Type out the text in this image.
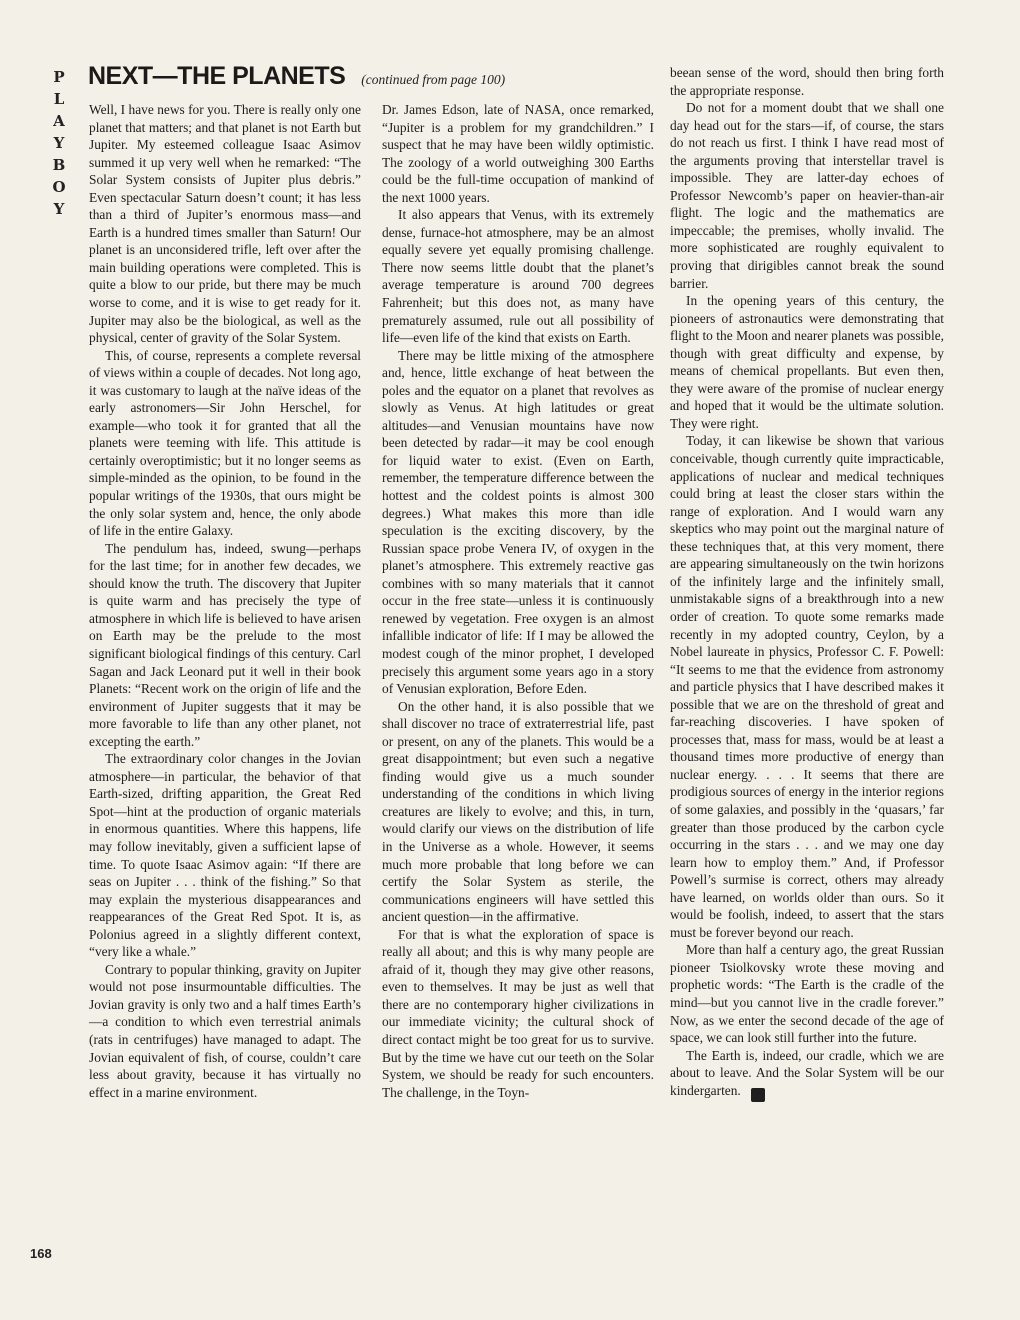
P
L
A
Y
B
O
Y
NEXT—THE PLANETS (continued from page 100)

Well, I have news for you. There is really only one planet that matters; and that planet is not Earth but Jupiter. My esteemed colleague Isaac Asimov summed it up very well when he remarked: “The Solar System consists of Jupiter plus debris.” Even spectacular Saturn doesn’t count; it has less than a third of Jupiter’s enormous mass—and Earth is a hundred times smaller than Saturn! Our planet is an unconsidered trifle, left over after the main building operations were completed. This is quite a blow to our pride, but there may be much worse to come, and it is wise to get ready for it. Jupiter may also be the biological, as well as the physical, center of gravity of the Solar System.

This, of course, represents a complete reversal of views within a couple of decades. Not long ago, it was customary to laugh at the naïve ideas of the early astronomers—Sir John Herschel, for example—who took it for granted that all the planets were teeming with life. This attitude is certainly overoptimistic; but it no longer seems as simple-minded as the opinion, to be found in the popular writings of the 1930s, that ours might be the only solar system and, hence, the only abode of life in the entire Galaxy.

The pendulum has, indeed, swung—perhaps for the last time; for in another few decades, we should know the truth. The discovery that Jupiter is quite warm and has precisely the type of atmosphere in which life is believed to have arisen on Earth may be the prelude to the most significant biological findings of this century. Carl Sagan and Jack Leonard put it well in their book Planets: “Recent work on the origin of life and the environment of Jupiter suggests that it may be more favorable to life than any other planet, not excepting the earth.”

The extraordinary color changes in the Jovian atmosphere—in particular, the behavior of that Earth-sized, drifting apparition, the Great Red Spot—hint at the production of organic materials in enormous quantities. Where this happens, life may follow inevitably, given a sufficient lapse of time. To quote Isaac Asimov again: “If there are seas on Jupiter . . . think of the fishing.” So that may explain the mysterious disappearances and reappearances of the Great Red Spot. It is, as Polonius agreed in a slightly different context, “very like a whale.”

Contrary to popular thinking, gravity on Jupiter would not pose insurmountable difficulties. The Jovian gravity is only two and a half times Earth’s—a condition to which even terrestrial animals (rats in centrifuges) have managed to adapt. The Jovian equivalent of fish, of course, couldn’t care less about gravity, because it has virtually no effect in a marine environment.

Dr. James Edson, late of NASA, once remarked, “Jupiter is a problem for my grandchildren.” I suspect that he may have been wildly optimistic. The zoology of a world outweighing 300 Earths could be the full-time occupation of mankind of the next 1000 years.

It also appears that Venus, with its extremely dense, furnace-hot atmosphere, may be an almost equally severe yet equally promising challenge. There now seems little doubt that the planet’s average temperature is around 700 degrees Fahrenheit; but this does not, as many have prematurely assumed, rule out all possibility of life—even life of the kind that exists on Earth.

There may be little mixing of the atmosphere and, hence, little exchange of heat between the poles and the equator on a planet that revolves as slowly as Venus. At high latitudes or great altitudes—and Venusian mountains have now been detected by radar—it may be cool enough for liquid water to exist. (Even on Earth, remember, the temperature difference between the hottest and the coldest points is almost 300 degrees.) What makes this more than idle speculation is the exciting discovery, by the Russian space probe Venera IV, of oxygen in the planet’s atmosphere. This extremely reactive gas combines with so many materials that it cannot occur in the free state—unless it is continuously renewed by vegetation. Free oxygen is an almost infallible indicator of life: If I may be allowed the modest cough of the minor prophet, I developed precisely this argument some years ago in a story of Venusian exploration, Before Eden.

On the other hand, it is also possible that we shall discover no trace of extraterrestrial life, past or present, on any of the planets. This would be a great disappointment; but even such a negative finding would give us a much sounder understanding of the conditions in which living creatures are likely to evolve; and this, in turn, would clarify our views on the distribution of life in the Universe as a whole. However, it seems much more probable that long before we can certify the Solar System as sterile, the communications engineers will have settled this ancient question—in the affirmative.

For that is what the exploration of space is really all about; and this is why many people are afraid of it, though they may give other reasons, even to themselves. It may be just as well that there are no contemporary higher civilizations in our immediate vicinity; the cultural shock of direct contact might be too great for us to survive. But by the time we have cut our teeth on the Solar System, we should be ready for such encounters. The challenge, in the Toyn-

beean sense of the word, should then bring forth the appropriate response.

Do not for a moment doubt that we shall one day head out for the stars—if, of course, the stars do not reach us first. I think I have read most of the arguments proving that interstellar travel is impossible. They are latter-day echoes of Professor Newcomb’s paper on heavier-than-air flight. The logic and the mathematics are impeccable; the premises, wholly invalid. The more sophisticated are roughly equivalent to proving that dirigibles cannot break the sound barrier.

In the opening years of this century, the pioneers of astronautics were demonstrating that flight to the Moon and nearer planets was possible, though with great difficulty and expense, by means of chemical propellants. But even then, they were aware of the promise of nuclear energy and hoped that it would be the ultimate solution. They were right.

Today, it can likewise be shown that various conceivable, though currently quite impracticable, applications of nuclear and medical techniques could bring at least the closer stars within the range of exploration. And I would warn any skeptics who may point out the marginal nature of these techniques that, at this very moment, there are appearing simultaneously on the twin horizons of the infinitely large and the infinitely small, unmistakable signs of a breakthrough into a new order of creation. To quote some remarks made recently in my adopted country, Ceylon, by a Nobel laureate in physics, Professor C. F. Powell: “It seems to me that the evidence from astronomy and particle physics that I have described makes it possible that we are on the threshold of great and far-reaching discoveries. I have spoken of processes that, mass for mass, would be at least a thousand times more productive of energy than nuclear energy. . . . It seems that there are prodigious sources of energy in the interior regions of some galaxies, and possibly in the ‘quasars,’ far greater than those produced by the carbon cycle occurring in the stars . . . and we may one day learn how to employ them.” And, if Professor Powell’s surmise is correct, others may already have learned, on worlds older than ours. So it would be foolish, indeed, to assert that the stars must be forever beyond our reach.

More than half a century ago, the great Russian pioneer Tsiolkovsky wrote these moving and prophetic words: “The Earth is the cradle of the mind—but you cannot live in the cradle forever.” Now, as we enter the second decade of the age of space, we can look still further into the future.

The Earth is, indeed, our cradle, which we are about to leave. And the Solar System will be our kindergarten.	♠

168
